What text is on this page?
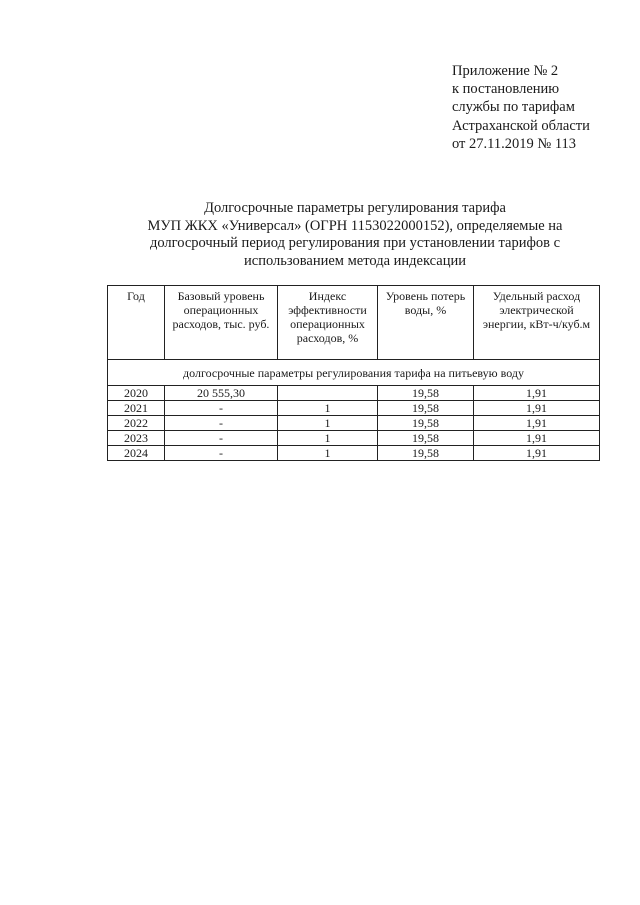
Приложение № 2
к постановлению
службы по тарифам
Астраханской области
от 27.11.2019 № 113
Долгосрочные параметры регулирования тарифа
МУП ЖКХ «Универсал» (ОГРН 1153022000152), определяемые на
долгосрочный период регулирования при установлении тарифов с
использованием метода индексации
Год	Базовый уровень операционных расходов, тыс. руб.	Индекс эффективности операционных расходов, %	Уровень потерь воды, %	Удельный расход электрической энергии, кВт-ч/куб.м
долгосрочные параметры регулирования тарифа на питьевую воду				
2020	20 555,30		19,58	1,91
2021	-	1	19,58	1,91
2022	-	1	19,58	1,91
2023	-	1	19,58	1,91
2024	-	1	19,58	1,91
